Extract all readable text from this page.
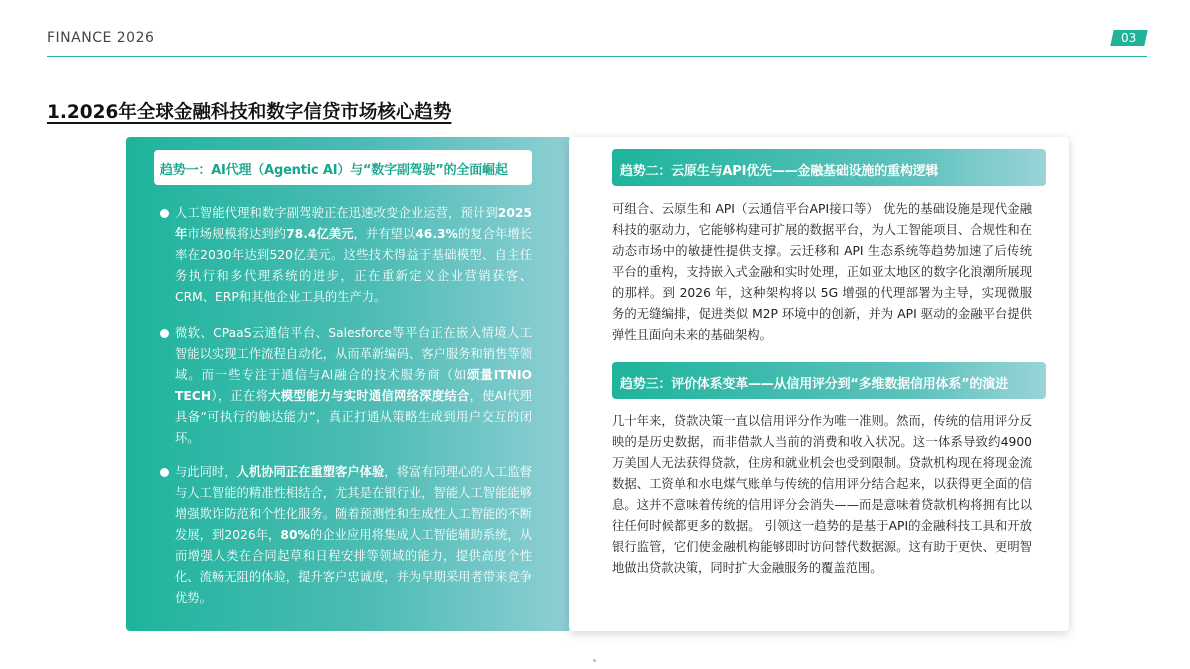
FINANCE 2026	03
1.2026年全球金融科技和数字信贷市场核心趋势
趋势一：AI代理（Agentic AI）与“数字副驾驶”的全面崛起

人工智能代理和数字副驾驶正在迅速改变企业运营，预计到2025年市场规模将达到约78.4亿美元，并有望以46.3%的复合年增长率在2030年达到520亿美元。这些技术得益于基础模型、自主任务执行和多代理系统的进步，正在重新定义企业营销获客、CRM、ERP和其他企业工具的生产力。

微软、CPaaS云通信平台、Salesforce等平台正在嵌入情境人工智能以实现工作流程自动化，从而革新编码、客户服务和销售等领域。而一些专注于通信与AI融合的技术服务商（如颂量ITNIO TECH），正在将大模型能力与实时通信网络深度结合，使AI代理具备“可执行的触达能力”，真正打通从策略生成到用户交互的闭环。

与此同时，人机协同正在重塑客户体验，将富有同理心的人工监督与人工智能的精准性相结合，尤其是在银行业，智能人工智能能够增强欺诈防范和个性化服务。随着预测性和生成性人工智能的不断发展，到2026年，80%的企业应用将集成人工智能辅助系统，从而增强人类在合同起草和日程安排等领域的能力，提供高度个性化、流畅无阻的体验，提升客户忠诚度，并为早期采用者带来竞争优势。

趋势二：云原生与API优先——金融基础设施的重构逻辑

可组合、云原生和 API（云通信平台API接口等） 优先的基础设施是现代金融科技的驱动力，它能够构建可扩展的数据平台，为人工智能项目、合规性和在动态市场中的敏捷性提供支撑。云迁移和 API 生态系统等趋势加速了后传统平台的重构，支持嵌入式金融和实时处理，正如亚太地区的数字化浪潮所展现的那样。到 2026 年，这种架构将以 5G 增强的代理部署为主导，实现微服务的无缝编排，促进类似 M2P 环境中的创新，并为 API 驱动的金融平台提供弹性且面向未来的基础架构。

趋势三：评价体系变革——从信用评分到“多维数据信用体系”的演进

几十年来，贷款决策一直以信用评分作为唯一准则。然而，传统的信用评分反映的是历史数据，而非借款人当前的消费和收入状况。这一体系导致约4900万美国人无法获得贷款，住房和就业机会也受到限制。贷款机构现在将现金流数据、工资单和水电煤气账单与传统的信用评分结合起来，以获得更全面的信息。这并不意味着传统的信用评分会消失——而是意味着贷款机构将拥有比以往任何时候都更多的数据。 引领这一趋势的是基于API的金融科技工具和开放银行监管，它们使金融机构能够即时访问替代数据源。这有助于更快、更明智地做出贷款决策，同时扩大金融服务的覆盖范围。
